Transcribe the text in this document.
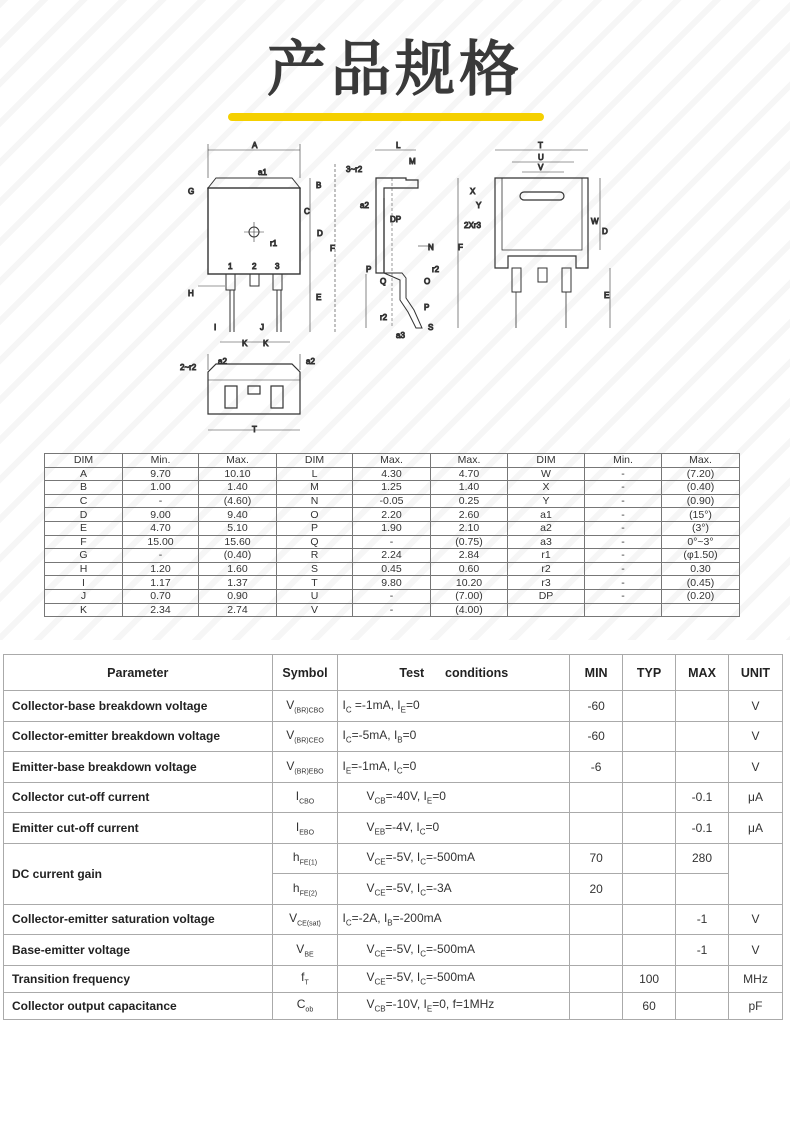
产品规格
A
a1
G
B
C
D
F
r1
1 2 3
H	E
I	J
K K
L
M
3~r2
a2
DP
N
P	r2
Q	O
r2
P
S
a3
T
U
V
X
Y
2Xr3	W
D
F
E
2~r2
a2	a2
T
DIM	Min.	Max.	DIM	Max.	Max.	DIM	Min.	Max.
A	9.70	10.10	L	4.30	4.70	W	-	(7.20)
B	1.00	1.40	M	1.25	1.40	X	-	(0.40)
C	-	(4.60)	N	-0.05	0.25	Y	-	(0.90)
D	9.00	9.40	O	2.20	2.60	a1	-	(15°)
E	4.70	5.10	P	1.90	2.10	a2	-	(3°)
F	15.00	15.60	Q	-	(0.75)	a3	-	0°~3°
G	-	(0.40)	R	2.24	2.84	r1	-	(φ1.50)
H	1.20	1.60	S	0.45	0.60	r2	-	0.30
I	1.17	1.37	T	9.80	10.20	r3	-	(0.45)
J	0.70	0.90	U	-	(7.00)	DP	-	(0.20)
K	2.34	2.74	V	-	(4.00)			
Parameter	Symbol	Test      conditions	MIN	TYP	MAX	UNIT
Collector-base breakdown voltage	$V_{(BR)CBO}$	$I_C =-1mA$, $I_E=0$	-60			V
Collector-emitter breakdown voltage	$V_{(BR)CEO}$	$I_C=-5mA$, $I_B=0$	-60			V
Emitter-base breakdown voltage	$V_{(BR)EBO}$	$I_E=-1mA$, $I_C=0$	-6			V
Collector cut-off current	$I_{CBO}$	$V_{CB}=-40V$, $I_E=0$			-0.1	μA
Emitter cut-off current	$I_{EBO}$	$V_{EB}=-4V$, $I_C=0$			-0.1	μA
DC current gain	$h_{FE(1)}$	$V_{CE}=-5V$, $I_C=-500mA$	70		280	
	$h_{FE(2)}$	$V_{CE}=-5V$, $I_C=-3A$	20			
Collector-emitter saturation voltage	$V_{CE(sat)}$	$I_C=-2A$, $I_B=-200mA$			-1	V
Base-emitter voltage	$V_{BE}$	$V_{CE}=-5V$, $I_C=-500mA$			-1	V
Transition frequency	$f_T$	$V_{CE}=-5V$, $I_C=-500mA$		100		MHz
Collector output capacitance	$C_{ob}$	$V_{CB}=-10V$, $I_E=0$, f=1MHz		60		pF
